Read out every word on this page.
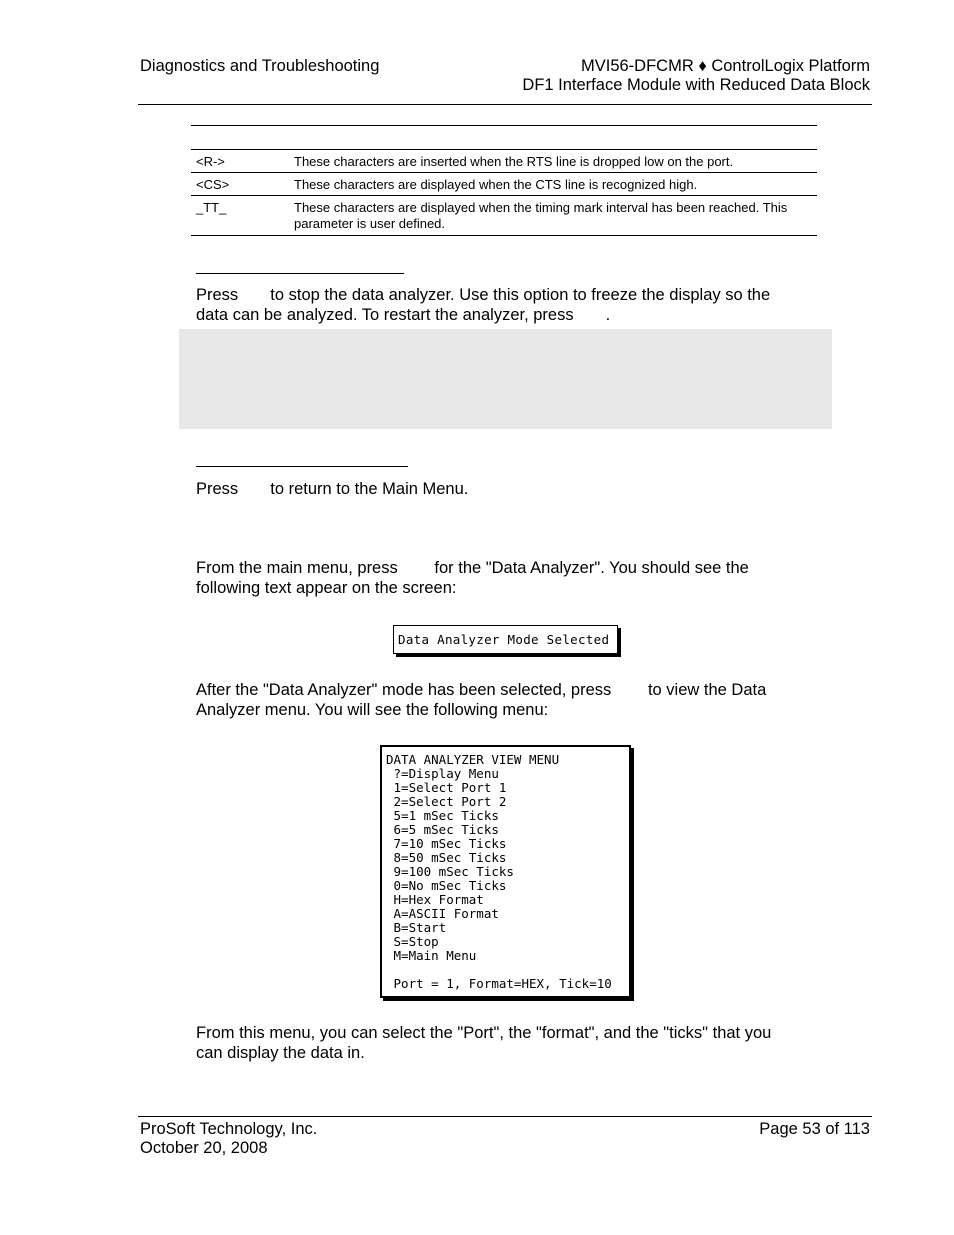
Diagnostics and Troubleshooting	MVI56-DFCMR ♦ ControlLogix Platform
DF1 Interface Module with Reduced Data Block
<R->	These characters are inserted when the RTS line is dropped low on the port.
<CS>	These characters are displayed when the CTS line is recognized high.
_TT_	These characters are displayed when the timing mark interval has been reached. This parameter is user defined.
Press       to stop the data analyzer. Use this option to freeze the display so the
data can be analyzed. To restart the analyzer, press       .
Press       to return to the Main Menu.
From the main menu, press        for the "Data Analyzer". You should see the
following text appear on the screen:
Data Analyzer Mode Selected
After the "Data Analyzer" mode has been selected, press        to view the Data
Analyzer menu. You will see the following menu:
DATA ANALYZER VIEW MENU
?=Display Menu
1=Select Port 1
2=Select Port 2
5=1 mSec Ticks
6=5 mSec Ticks
7=10 mSec Ticks
8=50 mSec Ticks
9=100 mSec Ticks
0=No mSec Ticks
H=Hex Format
A=ASCII Format
B=Start
S=Stop
M=Main Menu
Port = 1, Format=HEX, Tick=10
From this menu, you can select the "Port", the "format", and the "ticks" that you
can display the data in.
ProSoft Technology, Inc.
October 20, 2008
Page 53 of 113
